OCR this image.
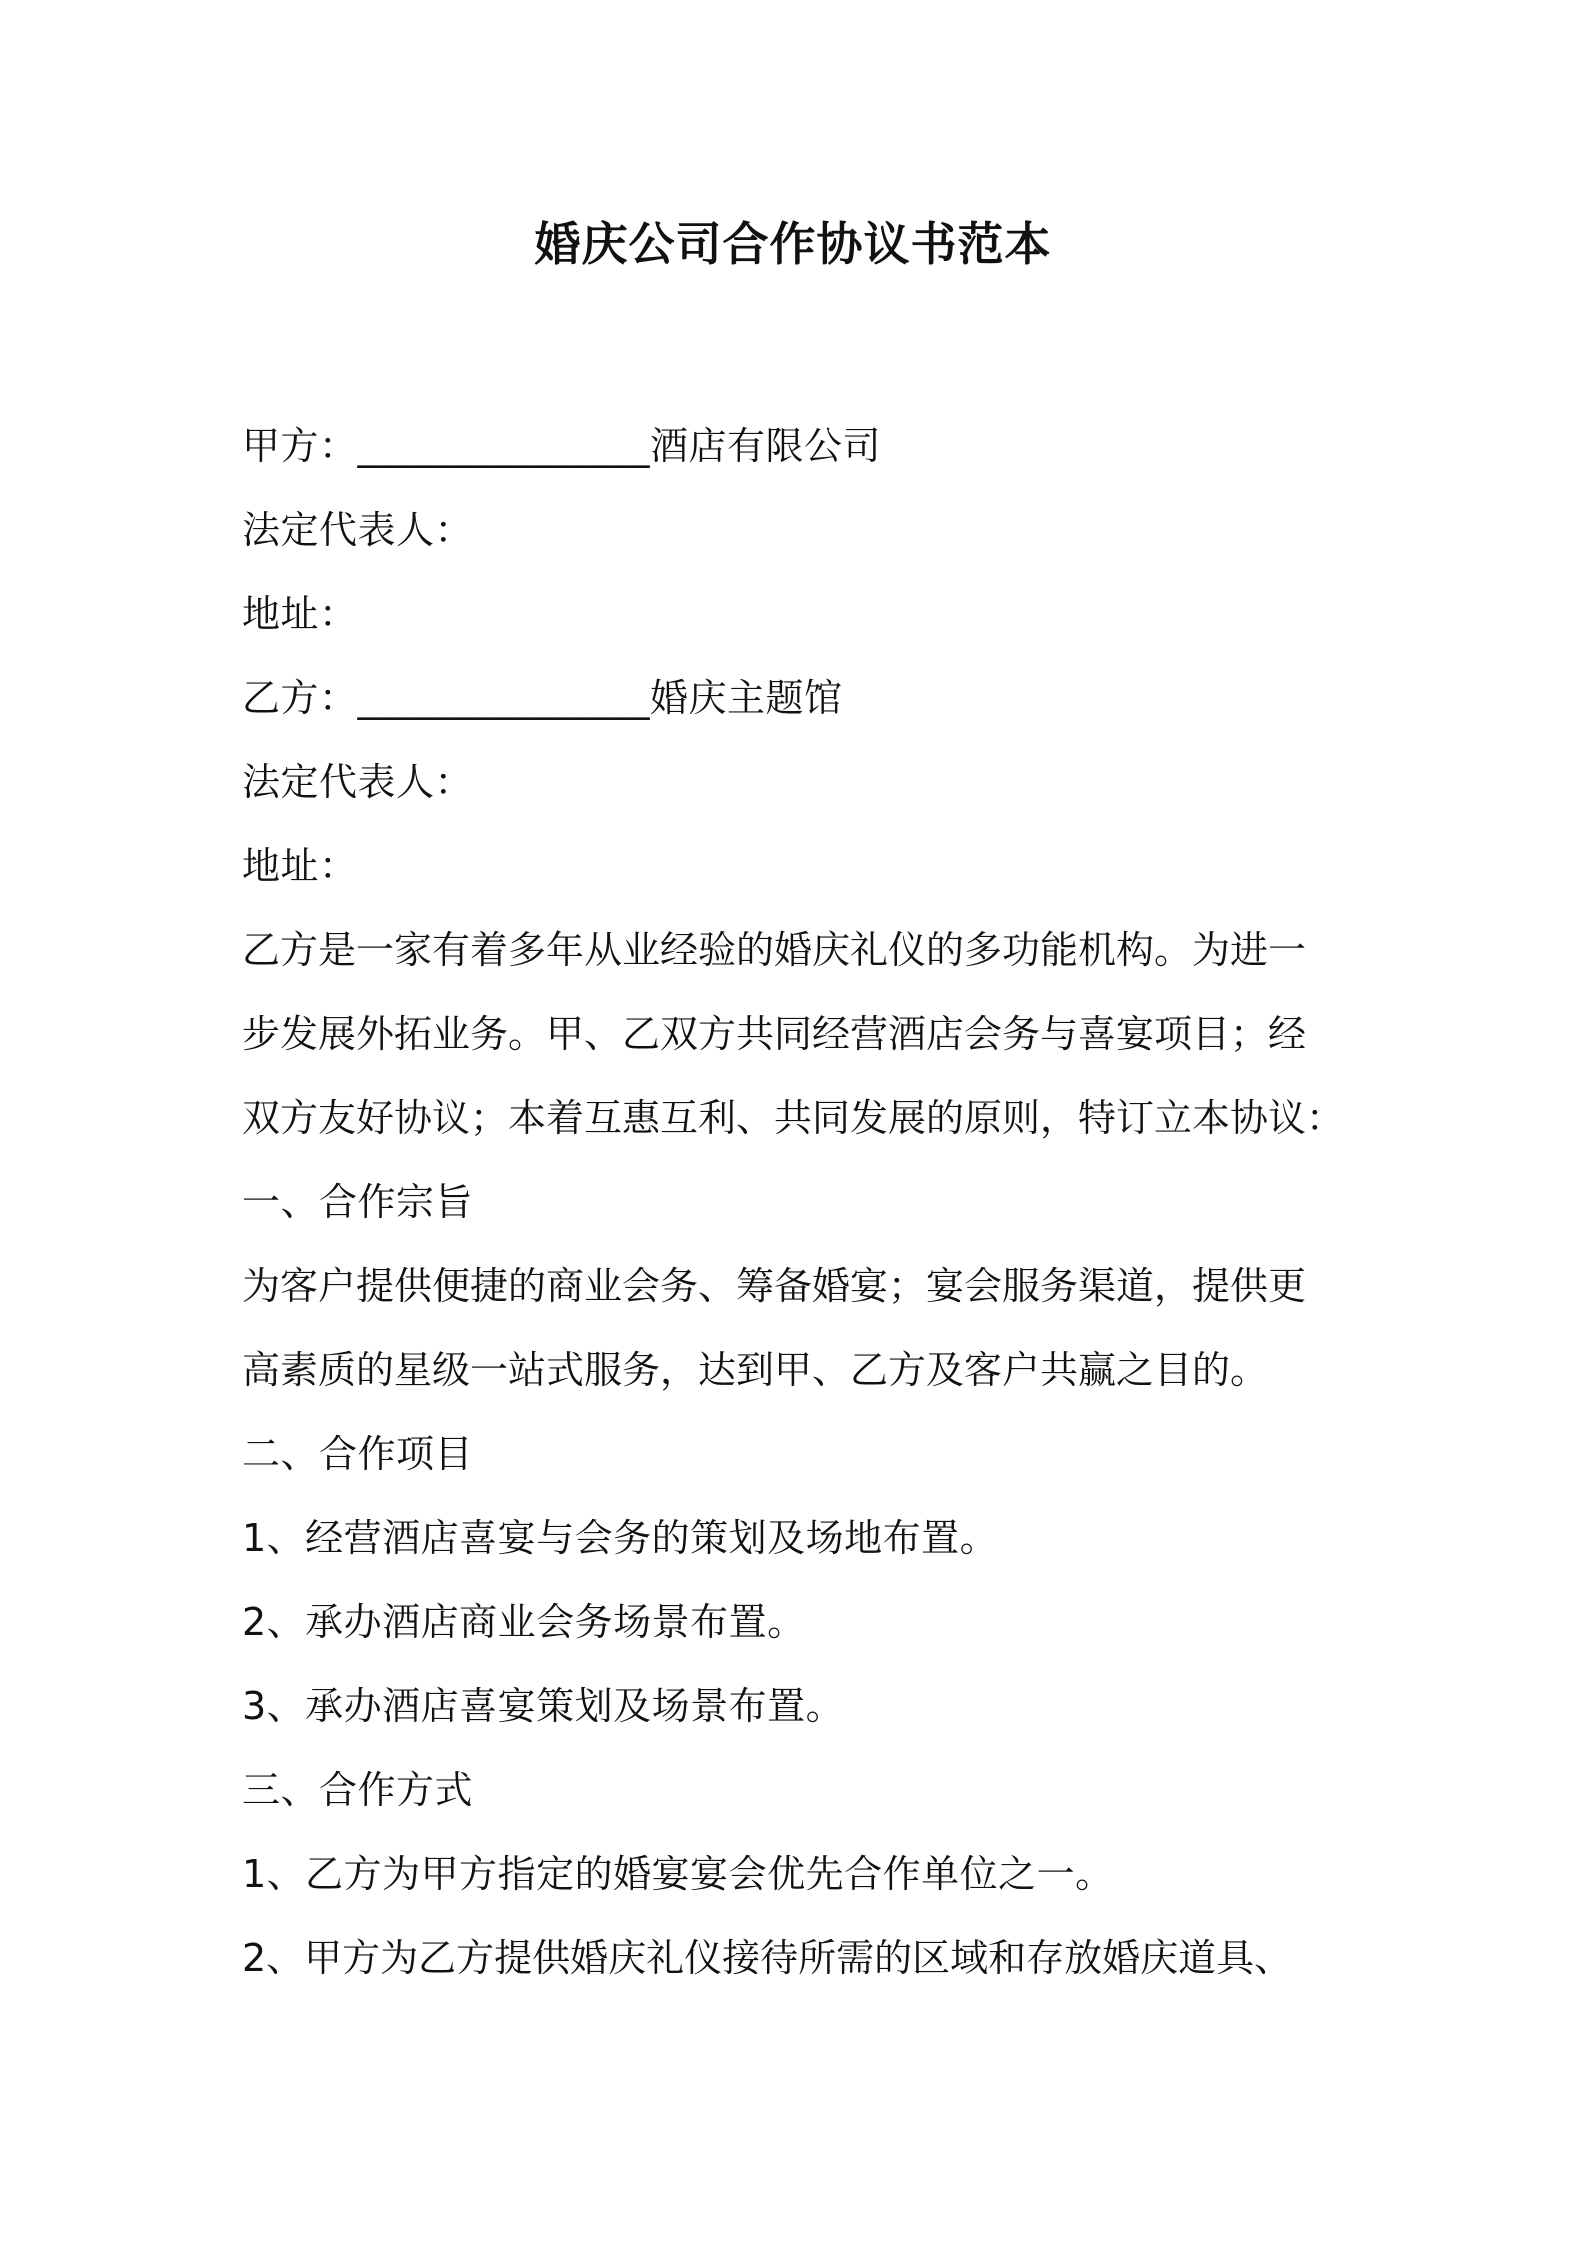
婚庆公司合作协议书范本
甲方：_______________酒店有限公司
法定代表人：
地址：
乙方：_______________婚庆主题馆
法定代表人：
地址：
乙方是一家有着多年从业经验的婚庆礼仪的多功能机构。为进一
步发展外拓业务。甲、乙双方共同经营酒店会务与喜宴项目；经
双方友好协议；本着互惠互利、共同发展的原则，特订立本协议：
一、合作宗旨
为客户提供便捷的商业会务、筹备婚宴；宴会服务渠道，提供更
高素质的星级一站式服务，达到甲、乙方及客户共赢之目的。
二、合作项目
1、经营酒店喜宴与会务的策划及场地布置。
2、承办酒店商业会务场景布置。
3、承办酒店喜宴策划及场景布置。
三、合作方式
1、乙方为甲方指定的婚宴宴会优先合作单位之一。
2、甲方为乙方提供婚庆礼仪接待所需的区域和存放婚庆道具、
